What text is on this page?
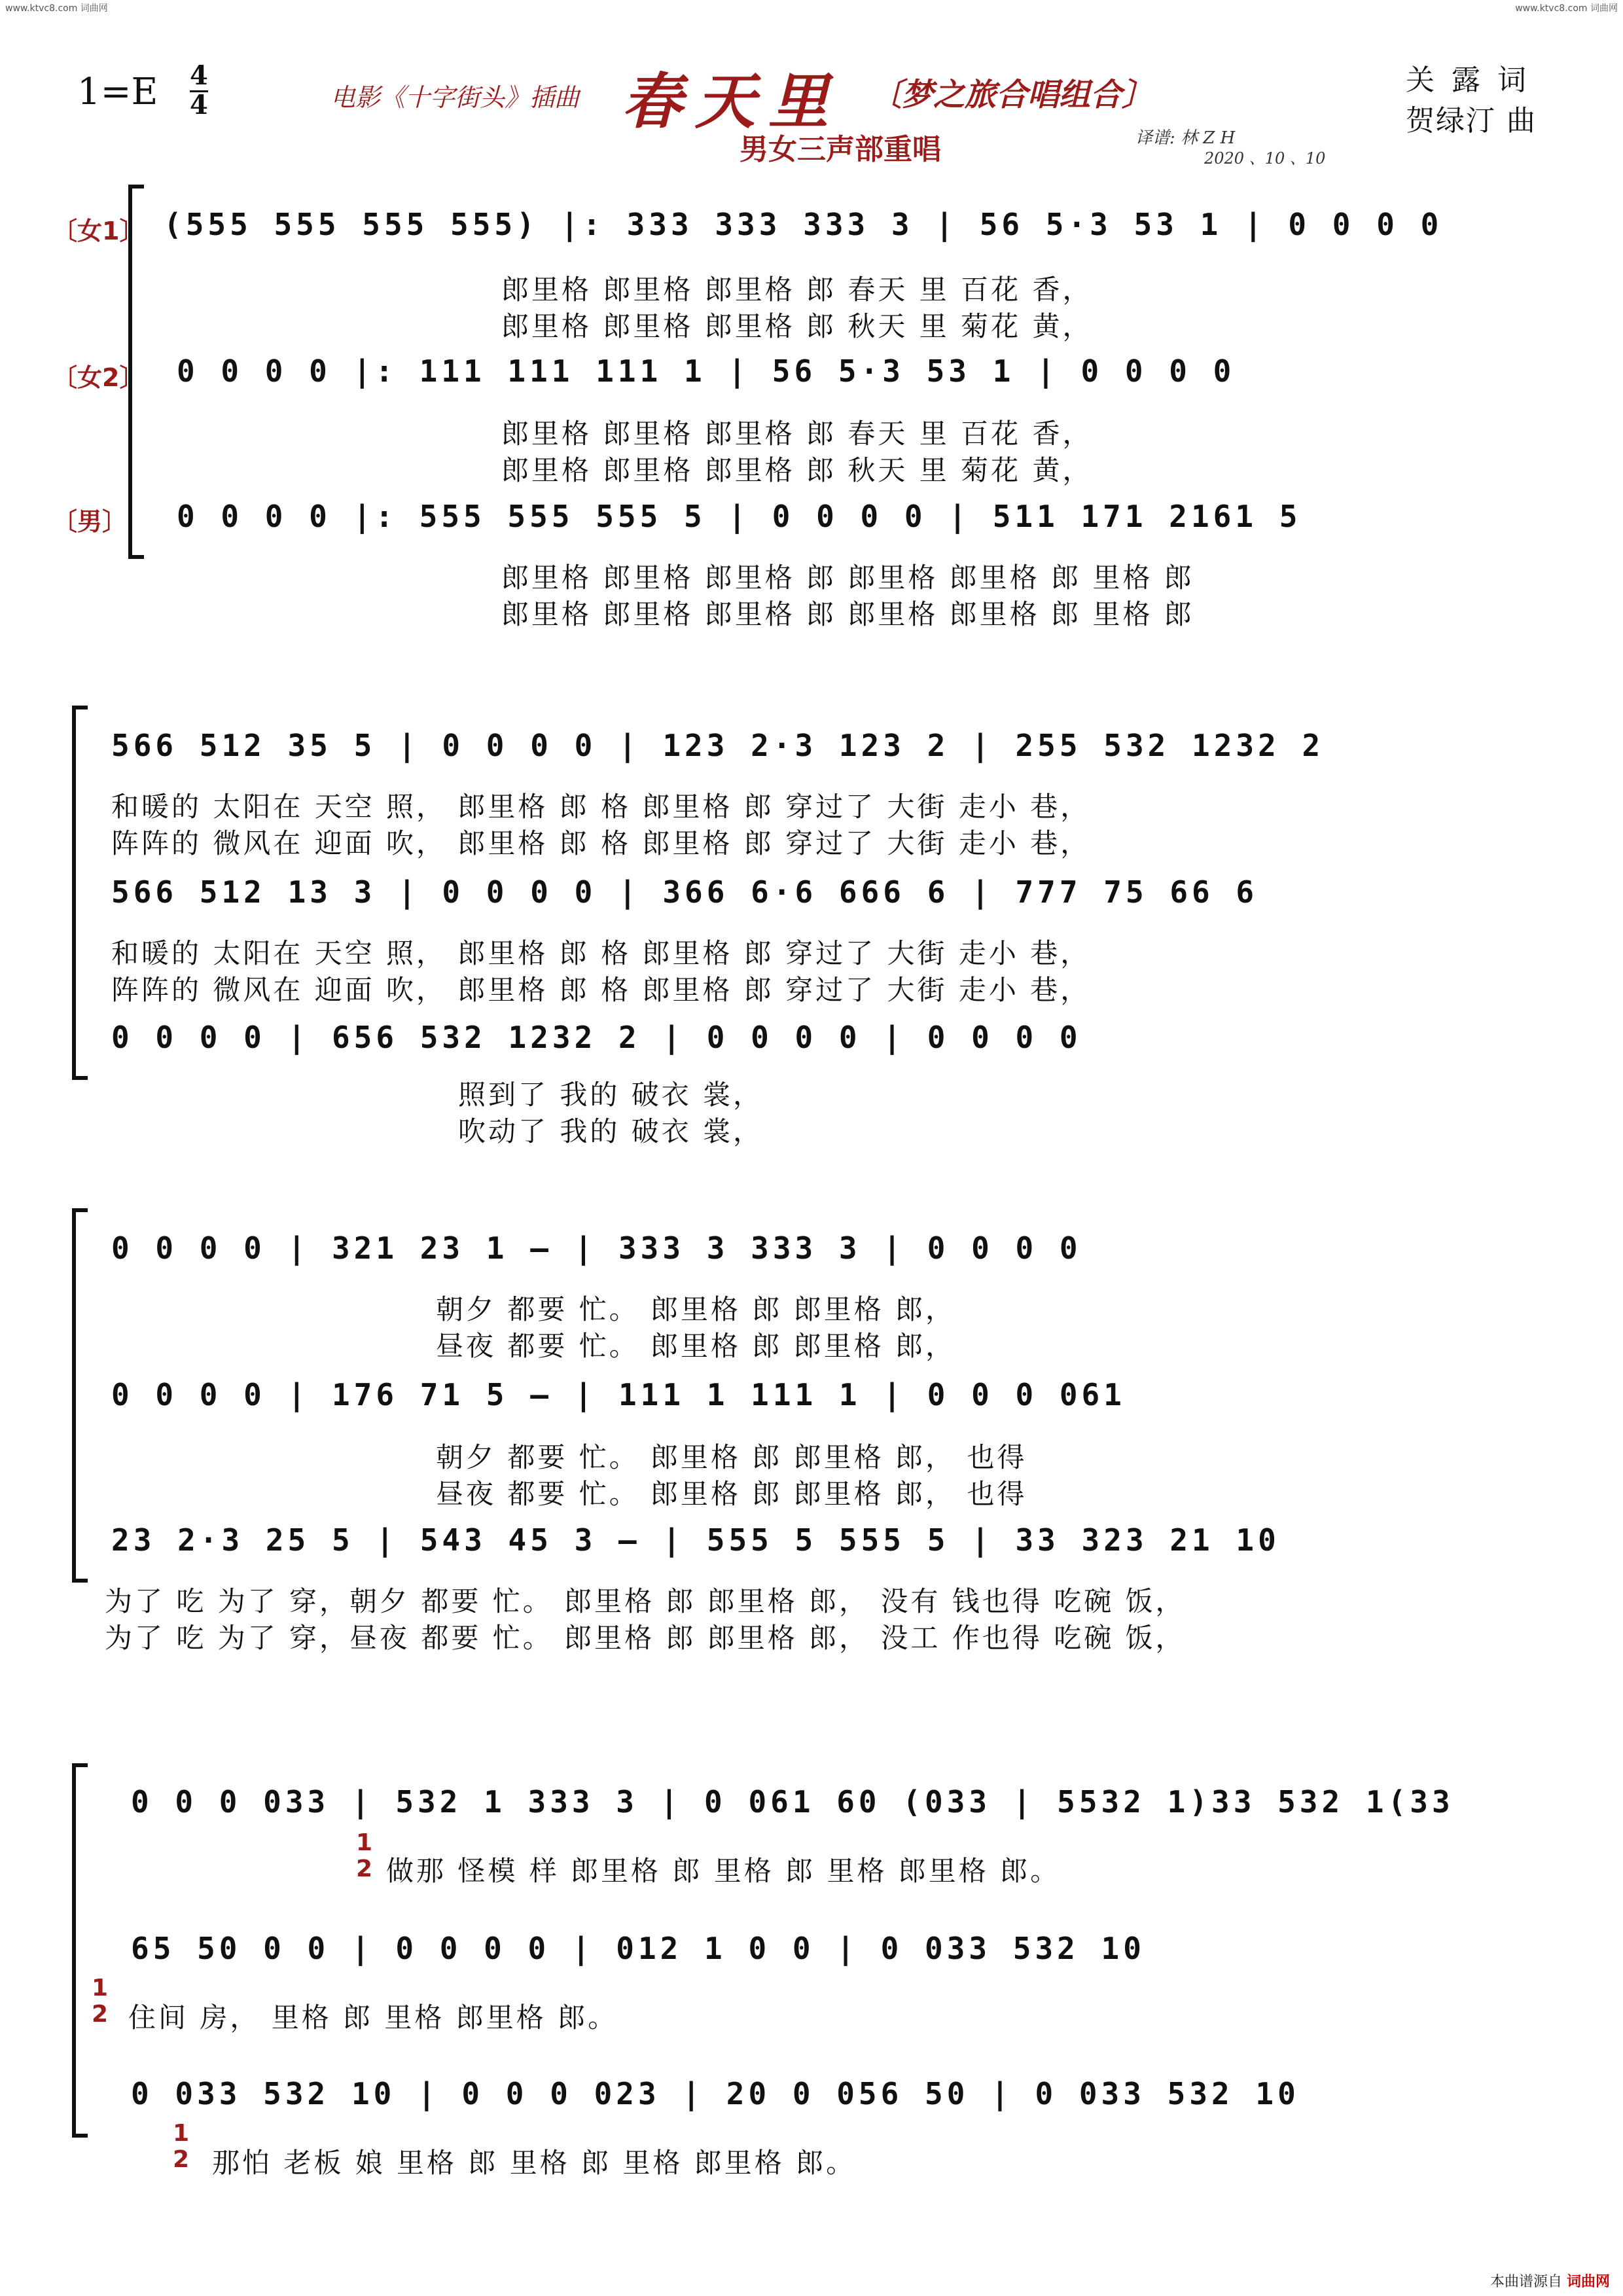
www.ktvc8.com 词曲网	www.ktvc8.com 词曲网
1=E 4
4	电影《十字街头》插曲 春天里 〔梦之旅合唱组合〕
男女三声部重唱	译谱: 林 Z H
2020 、10 、10
关 露 词
贺绿汀 曲
〔女1〕
〔女2〕
〔男〕
(555 555 555 555) |: 333 333 333 3 | 56 5·3 53 1 | 0 0 0 0
郎里格 郎里格 郎里格 郎 春天 里 百花 香，
郎里格 郎里格 郎里格 郎 秋天 里 菊花 黄，
0 0 0 0 |: 111 111 111 1 | 56 5·3 53 1 | 0 0 0 0
郎里格 郎里格 郎里格 郎 春天 里 百花 香，
郎里格 郎里格 郎里格 郎 秋天 里 菊花 黄，
0 0 0 0 |: 555 555 555 5 | 0 0 0 0 | 511 171 2161 5
郎里格 郎里格 郎里格 郎 郎里格 郎里格 郎 里格 郎
郎里格 郎里格 郎里格 郎 郎里格 郎里格 郎 里格 郎
566 512 35 5 | 0 0 0 0 | 123 2·3 123 2 | 255 532 1232 2
和暖的 太阳在 天空 照， 郎里格 郎 格 郎里格 郎 穿过了 大街 走小 巷，
阵阵的 微风在 迎面 吹， 郎里格 郎 格 郎里格 郎 穿过了 大街 走小 巷，
566 512 13 3 | 0 0 0 0 | 366 6·6 666 6 | 777 75 66 6
和暖的 太阳在 天空 照， 郎里格 郎 格 郎里格 郎 穿过了 大街 走小 巷，
阵阵的 微风在 迎面 吹， 郎里格 郎 格 郎里格 郎 穿过了 大街 走小 巷，
0 0 0 0 | 656 532 1232 2 | 0 0 0 0 | 0 0 0 0
照到了 我的 破衣 裳，
吹动了 我的 破衣 裳，
0 0 0 0 | 321 23 1 – | 333 3 333 3 | 0 0 0 0
朝夕 都要 忙。 郎里格 郎 郎里格 郎，
昼夜 都要 忙。 郎里格 郎 郎里格 郎，
0 0 0 0 | 176 71 5 – | 111 1 111 1 | 0 0 0 061
朝夕 都要 忙。 郎里格 郎 郎里格 郎， 也得
昼夜 都要 忙。 郎里格 郎 郎里格 郎， 也得
23 2·3 25 5 | 543 45 3 – | 555 5 555 5 | 33 323 21 10
为了 吃 为了 穿，朝夕 都要 忙。 郎里格 郎 郎里格 郎， 没有 钱也得 吃碗 饭，
为了 吃 为了 穿，昼夜 都要 忙。 郎里格 郎 郎里格 郎， 没工 作也得 吃碗 饭，
0 0 0 033 | 532 1 333 3 | 0 061 60 (033 | 5532 1)33 532 1(33
1
2 做那 怪模 样 郎里格 郎 里格 郎 里格 郎里格 郎。
65 50 0 0 | 0 0 0 0 | 012 1 0 0 | 0 033 532 10
1
2 住间 房， 里格 郎 里格 郎里格 郎。
0 033 532 10 | 0 0 0 023 | 20 0 056 50 | 0 033 532 10
1
2 那怕 老板 娘 里格 郎 里格 郎 里格 郎里格 郎。
本曲谱源自 词曲网
